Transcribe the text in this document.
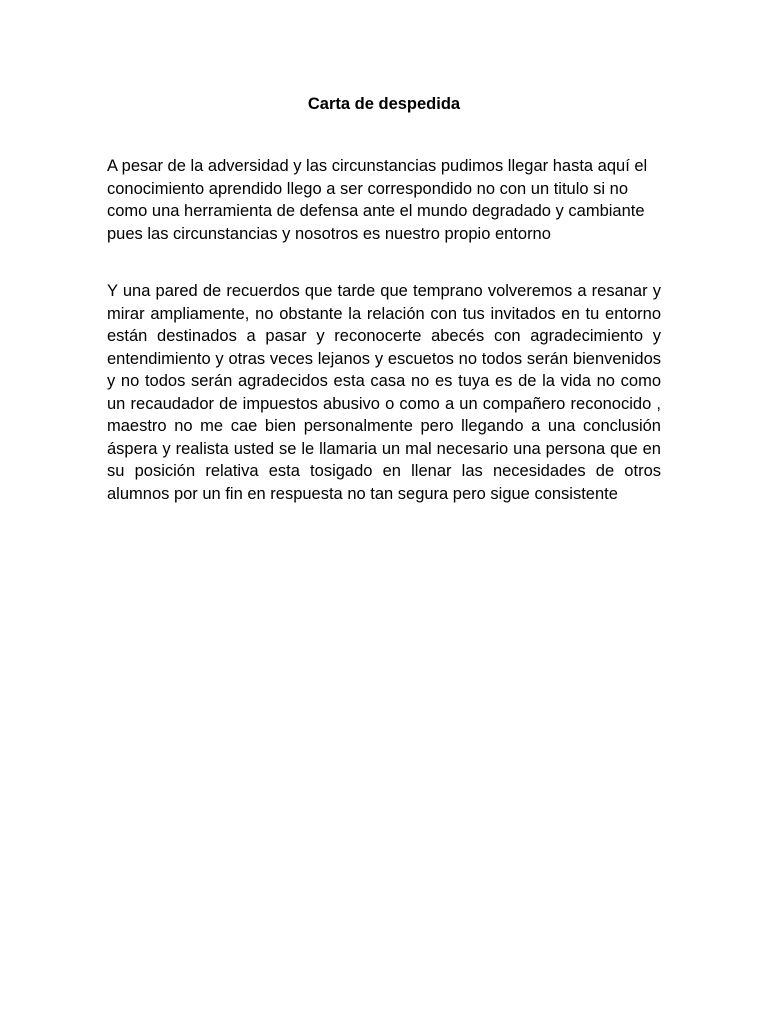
Carta de despedida

A pesar de la adversidad y las circunstancias pudimos llegar hasta aquí el conocimiento aprendido llego a ser correspondido no con un titulo si no como una herramienta de defensa ante el mundo degradado y cambiante pues las circunstancias y nosotros es nuestro propio entorno

Y una pared de recuerdos que tarde que temprano volveremos a resanar y mirar ampliamente, no obstante la relación con tus invitados en tu entorno están destinados a pasar y reconocerte abecés con agradecimiento y entendimiento y otras veces lejanos y escuetos no todos serán bienvenidos y no todos serán agradecidos esta casa no es tuya es de la vida no como un recaudador de impuestos abusivo o como a un compañero reconocido , maestro no me cae bien personalmente pero llegando a una conclusión áspera y realista usted se le llamaria un mal necesario una persona que en su posición relativa esta tosigado en llenar las necesidades de otros alumnos por un fin en respuesta no tan segura pero sigue consistente
